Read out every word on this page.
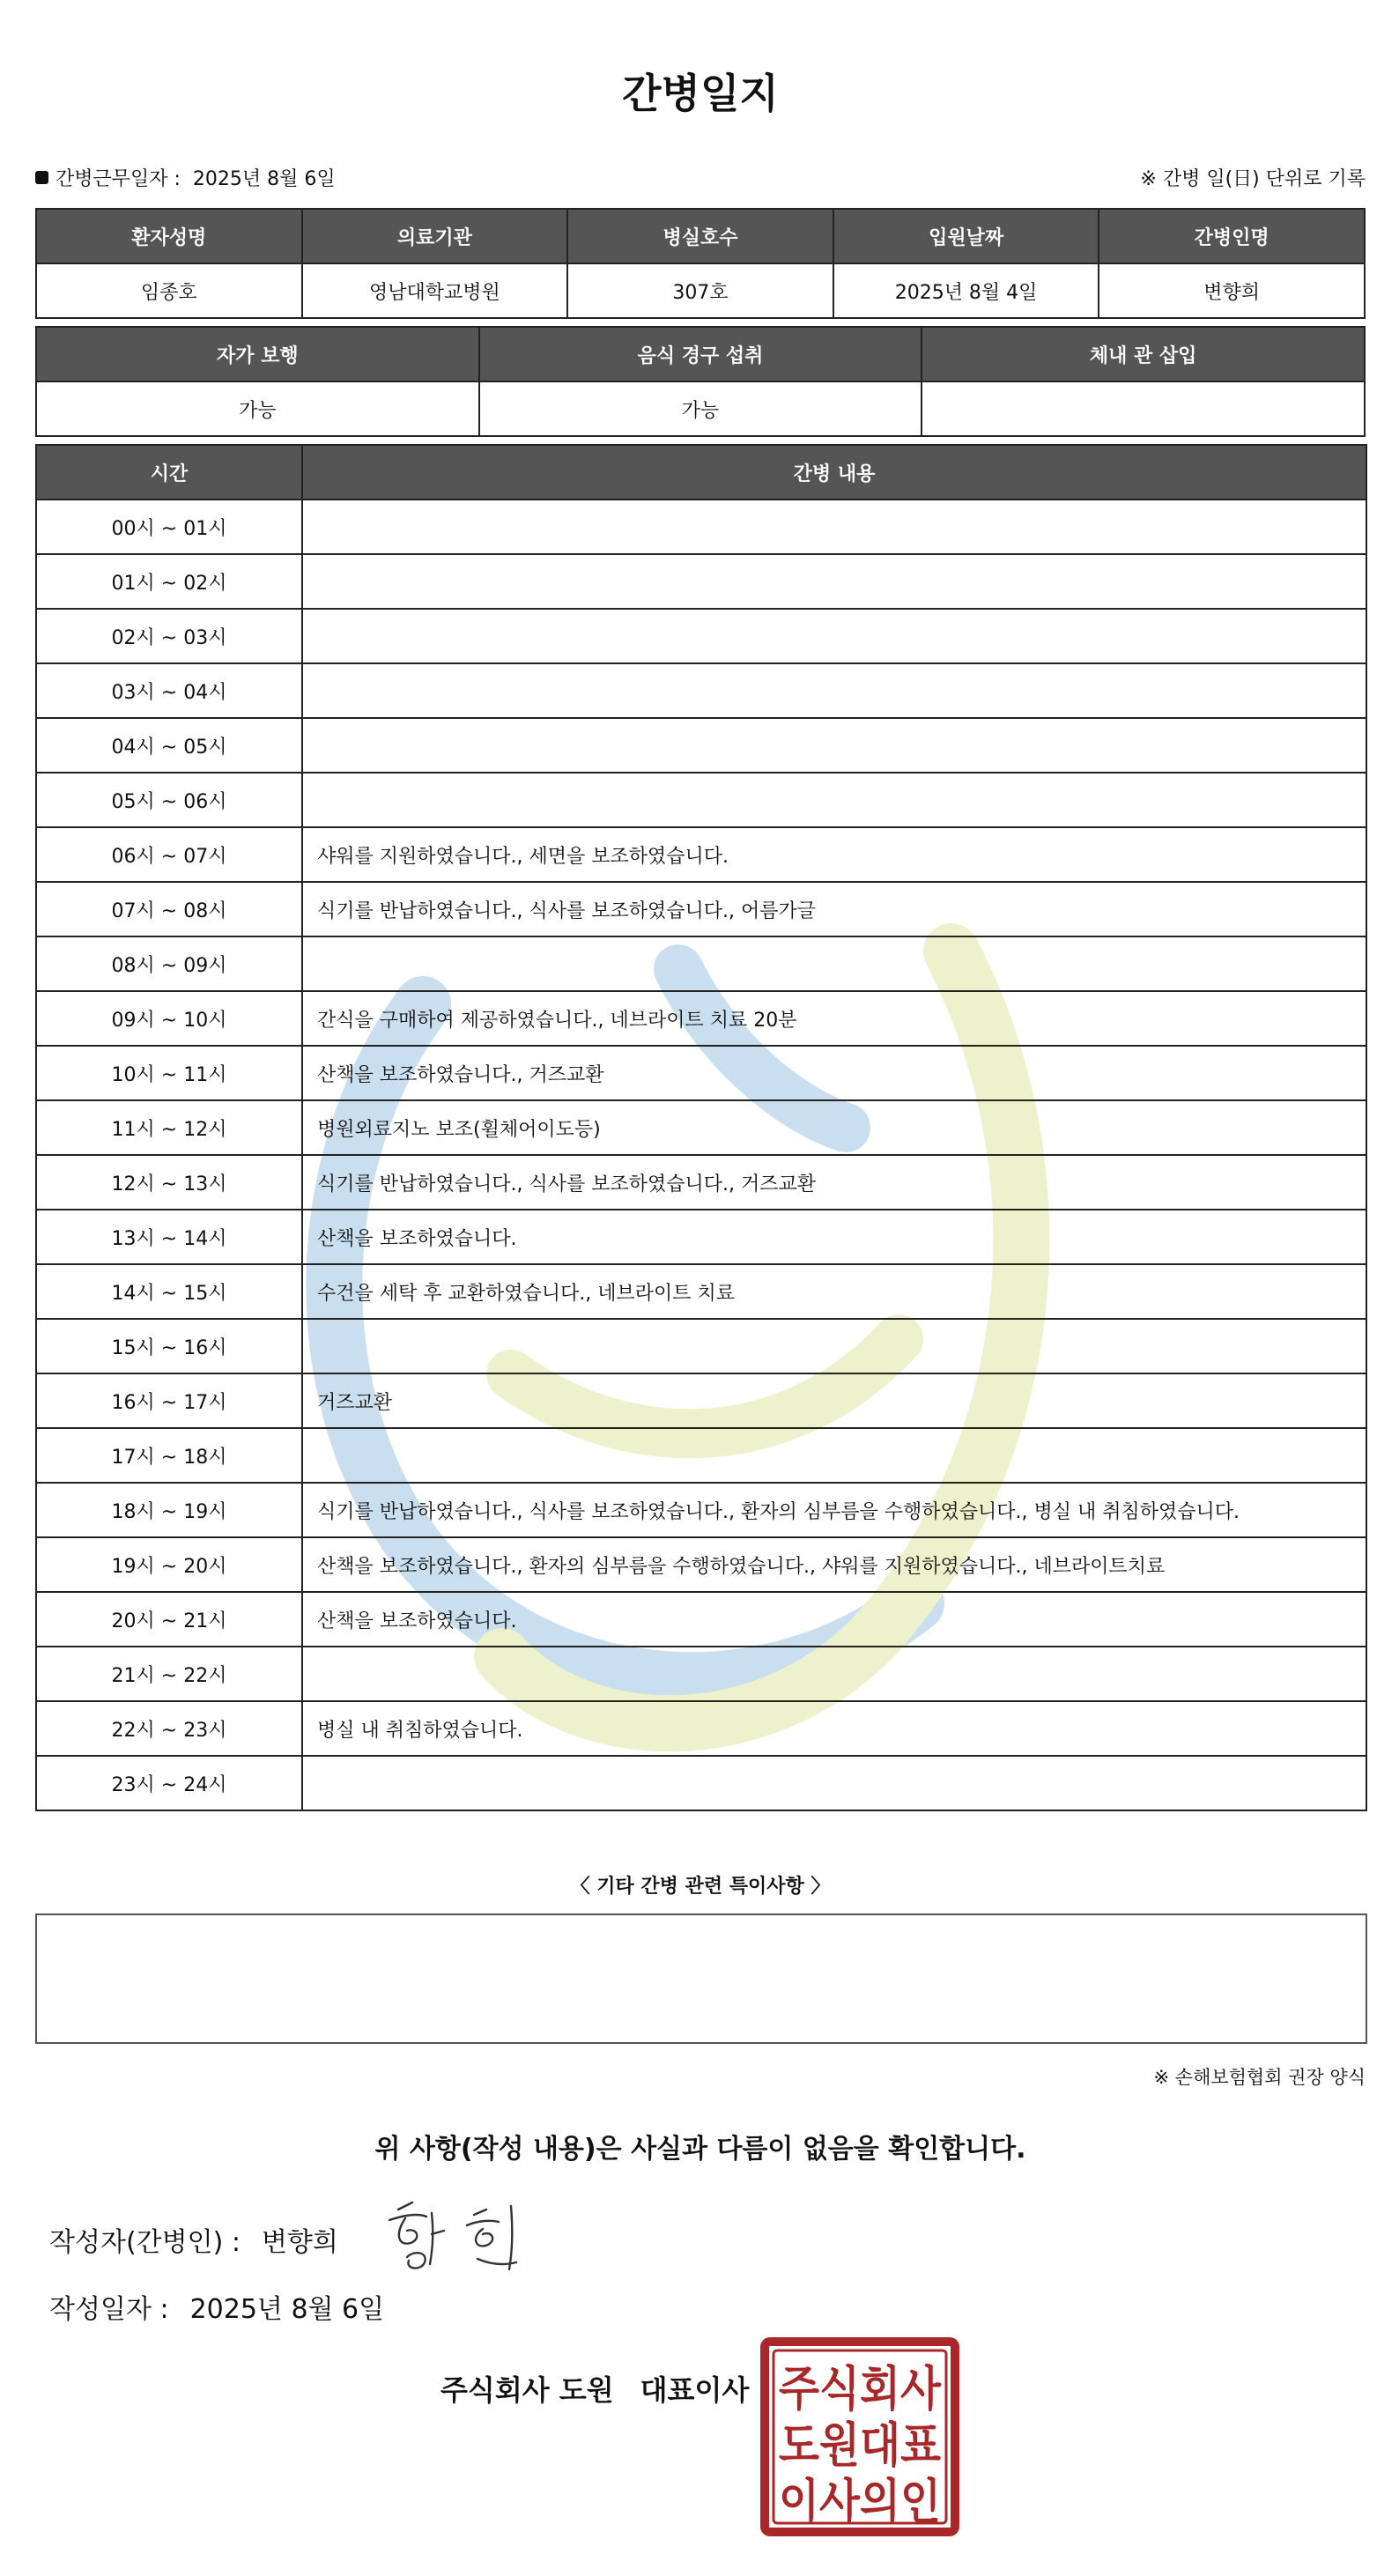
간병일지
간병근무일자 : 2025년 8월 6일	※ 간병 일(日) 단위로 기록
환자성명	의료기관	병실호수	입원날짜	간병인명
임종호	영남대학교병원	307호	2025년 8월 4일	변향희
자가 보행	음식 경구 섭취	체내 관 삽입
가능	가능	
시간	간병 내용
00시 ~ 01시	
01시 ~ 02시	
02시 ~ 03시	
03시 ~ 04시	
04시 ~ 05시	
05시 ~ 06시	
06시 ~ 07시	샤워를 지원하였습니다., 세면을 보조하였습니다.
07시 ~ 08시	식기를 반납하였습니다., 식사를 보조하였습니다., 어름가글
08시 ~ 09시	
09시 ~ 10시	간식을 구매하여 제공하였습니다., 네브라이트 치료 20분
10시 ~ 11시	산책을 보조하였습니다., 거즈교환
11시 ~ 12시	병원외료지노 보조(휠체어이도등)
12시 ~ 13시	식기를 반납하였습니다., 식사를 보조하였습니다., 거즈교환
13시 ~ 14시	산책을 보조하였습니다.
14시 ~ 15시	수건을 세탁 후 교환하였습니다., 네브라이트 치료
15시 ~ 16시	
16시 ~ 17시	거즈교환
17시 ~ 18시	
18시 ~ 19시	식기를 반납하였습니다., 식사를 보조하였습니다., 환자의 심부름을 수행하였습니다., 병실 내 취침하였습니다.
19시 ~ 20시	산책을 보조하였습니다., 환자의 심부름을 수행하였습니다., 샤워를 지원하였습니다., 네브라이트치료
20시 ~ 21시	산책을 보조하였습니다.
21시 ~ 22시	
22시 ~ 23시	병실 내 취침하였습니다.
23시 ~ 24시	
〈 기타 간병 관련 특이사항 〉
※ 손해보험협회 권장 양식
위 사항(작성 내용)은 사실과 다름이 없음을 확인합니다.
작성자(간병인) : 변향희
작성일자 : 2025년 8월 6일
주식회사 도원 대표이사 주식회사
도원대표
이사의인
